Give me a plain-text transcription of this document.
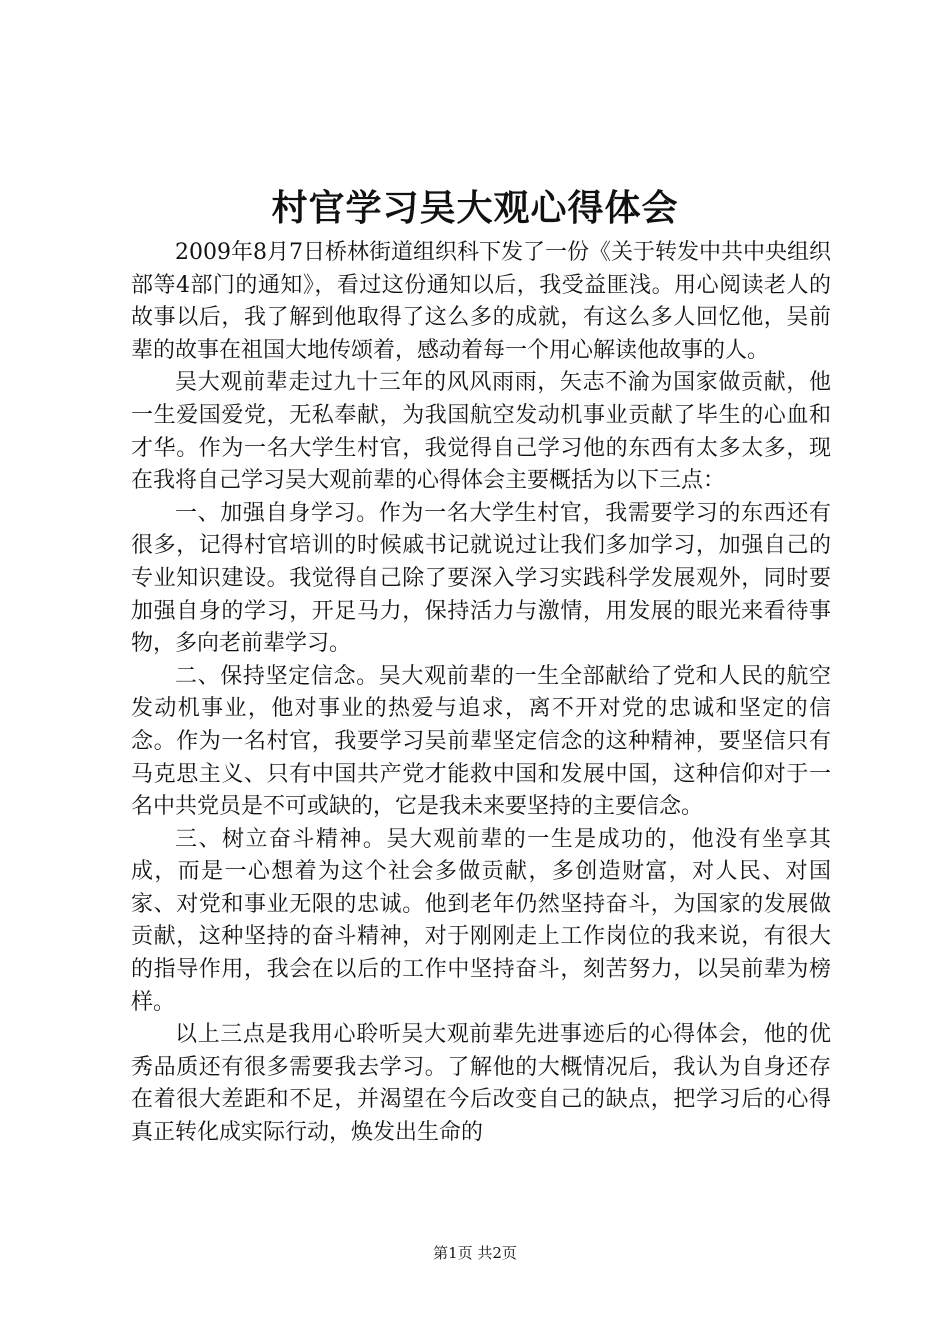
村官学习吴大观心得体会

2009年8月7日桥林街道组织科下发了一份《关于转发中共中央组织部等4部门的通知》，看过这份通知以后，我受益匪浅。用心阅读老人的故事以后，我了解到他取得了这么多的成就，有这么多人回忆他，吴前辈的故事在祖国大地传颂着，感动着每一个用心解读他故事的人。

吴大观前辈走过九十三年的风风雨雨，矢志不渝为国家做贡献，他一生爱国爱党，无私奉献，为我国航空发动机事业贡献了毕生的心血和才华。作为一名大学生村官，我觉得自己学习他的东西有太多太多，现在我将自己学习吴大观前辈的心得体会主要概括为以下三点：

一、加强自身学习。作为一名大学生村官，我需要学习的东西还有很多，记得村官培训的时候戚书记就说过让我们多加学习，加强自己的专业知识建设。我觉得自己除了要深入学习实践科学发展观外，同时要加强自身的学习，开足马力，保持活力与激情，用发展的眼光来看待事物，多向老前辈学习。

二、保持坚定信念。吴大观前辈的一生全部献给了党和人民的航空发动机事业，他对事业的热爱与追求，离不开对党的忠诚和坚定的信念。作为一名村官，我要学习吴前辈坚定信念的这种精神，要坚信只有马克思主义、只有中国共产党才能救中国和发展中国，这种信仰对于一名中共党员是不可或缺的，它是我未来要坚持的主要信念。

三、树立奋斗精神。吴大观前辈的一生是成功的，他没有坐享其成，而是一心想着为这个社会多做贡献，多创造财富，对人民、对国家、对党和事业无限的忠诚。他到老年仍然坚持奋斗，为国家的发展做贡献，这种坚持的奋斗精神，对于刚刚走上工作岗位的我来说，有很大的指导作用，我会在以后的工作中坚持奋斗，刻苦努力，以吴前辈为榜样。

以上三点是我用心聆听吴大观前辈先进事迹后的心得体会，他的优秀品质还有很多需要我去学习。了解他的大概情况后，我认为自身还存在着很大差距和不足，并渴望在今后改变自己的缺点，把学习后的心得真正转化成实际行动，焕发出生命的

第1页 共2页
